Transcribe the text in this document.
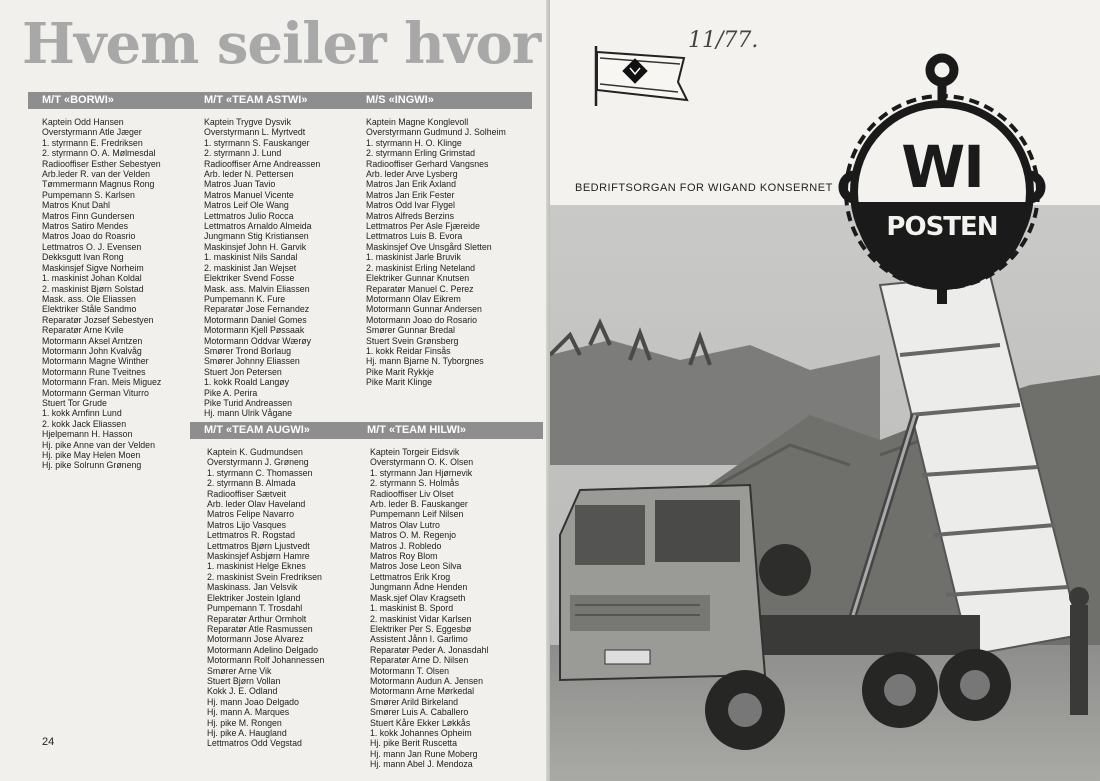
Hvem seiler hvor
M/T «BORWI»
Kaptein Odd Hansen
Overstyrmann Atle Jæger
1. styrmann E. Fredriksen
2. styrmann O. A. Mølmesdal
Radiooffiser Esther Sebestyen
Arb.leder R. van der Velden
Tømmermann Magnus Rong
Pumpemann S. Karlsen
Matros Knut Dahl
Matros Finn Gundersen
Matros Satiro Mendes
Matros Joao do Roasrio
Lettmatros O. J. Evensen
Dekksgutt Ivan Rong
Maskinsjef Sigve Norheim
1. maskinist Johan Koldal
2. maskinist Bjørn Solstad
Mask. ass. Ole Eliassen
Elektriker Ståle Sandmo
Reparatør Jozsef Sebestyen
Reparatør Arne Kvile
Motormann Aksel Arntzen
Motormann John Kvalvåg
Motormann Magne Winther
Motormann Rune Tveitnes
Motormann Fran. Meis Miguez
Motormann German Viturro
Stuert Tor Grude
1. kokk Arnfinn Lund
2. kokk Jack Eliassen
Hjelpemann H. Hasson
Hj. pike Anne van der Velden
Hj. pike May Helen Moen
Hj. pike Solrunn Grøneng
M/T «TEAM ASTWI»
Kaptein Trygve Dysvik
Overstyrmann L. Myrtvedt
1. styrmann S. Fauskanger
2. styrmann J. Lund
Radiooffiser Arne Andreassen
Arb. leder N. Pettersen
Matros Juan Tavio
Matros Manuel Vicente
Matros Leif Ole Wang
Lettmatros Julio Rocca
Lettmatros Arnaldo Almeida
Jungmann Stig Kristiansen
Maskinsjef John H. Garvik
1. maskinist Nils Sandal
2. maskinist Jan Wejset
Elektriker Svend Fosse
Mask. ass. Malvin Eliassen
Pumpemann K. Fure
Reparatør Jose Fernandez
Motormann Daniel Gomes
Motormann Kjell Pøssaak
Motormann Oddvar Wærøy
Smører Trond Borlaug
Smører Johnny Eliassen
Stuert Jon Petersen
1. kokk Roald Langøy
Pike A. Perira
Pike Turid Andreassen
Hj. mann Ulrik Vågane
M/T «TEAM AUGWI»
Kaptein K. Gudmundsen
Overstyrmann J. Grøneng
1. styrmann C. Thomassen
2. styrmann B. Almada
Radiooffiser Sætveit
Arb. leder Olav Haveland
Matros Felipe Navarro
Matros Lijo Vasques
Lettmatros R. Rogstad
Lettmatros Bjørn Ljustvedt
Maskinsjef Asbjørn Hamre
1. maskinist Helge Eknes
2. maskinist Svein Fredriksen
Maskinass. Jan Velsvik
Elektriker Jostein Igland
Pumpemann T. Trosdahl
Reparatør Arthur Ormholt
Reparatør Atle Rasmussen
Motormann Jose Alvarez
Motormann Adelino Delgado
Motormann Rolf Johannessen
Smører Arne Vik
Stuert Bjørn Vollan
Kokk J. E. Odland
Hj. mann Joao Delgado
Hj. mann A. Marques
Hj. pike M. Rongen
Hj. pike A. Haugland
Lettmatros Odd Vegstad
24
11/77.
BEDRIFTSORGAN FOR WIGAND KONSERNET
M/T «TEAM HILWI»
Kaptein Torgeir Eidsvik
Overstyrmann O. K. Olsen
1. styrmann Jan Hjørnevik
2. styrmann S. Holmås
Radiooffiser Liv Olset
Arb. leder B. Fauskanger
Pumpemann Leif Nilsen
Matros Olav Lutro
Matros O. M. Regenjo
Matros J. Robledo
Matros Roy Blom
Matros Jose Leon Silva
Lettmatros Erik Krog
Jungmann Ådne Henden
Mask.sjef Olav Kragseth
1. maskinist B. Spord
2. maskinist Vidar Karlsen
Elektriker Per S. Eggesbø
Assistent Jånn I. Garlimo
Reparatør Peder A. Jonasdahl
Reparatør Arne D. Nilsen
Motormann T. Olsen
Motormann Audun A. Jensen
Motormann Arne Mørkedal
Smører Arild Birkeland
Smører Luis A. Caballero
Stuert Kåre Ekker Løkkås
1. kokk Johannes Opheim
Hj. pike Berit Ruscetta
Hj. mann Jan Rune Moberg
Hj. mann Abel J. Mendoza
M/S «INGWI»
Kaptein Magne Konglevoll
Overstyrmann Gudmund J. Solheim
1. styrmann H. O. Klinge
2. styrmann Erling Grimstad
Radiooffiser Gerhard Vangsnes
Arb. leder Arve Lysberg
Matros Jan Erik Axland
Matros Jan Erik Fester
Matros Odd Ivar Flygel
Matros Alfreds Berzins
Lettmatros Per Asle Fjæreide
Lettmatros Luis B. Evora
Maskinsjef Ove Unsgård Sletten
1. maskinist Jarle Bruvik
2. maskinist Erling Neteland
Elektriker Gunnar Knutsen
Reparatør Manuel C. Perez
Motormann Olav Eikrem
Motormann Gunnar Andersen
Motormann Joao do Rosario
Smører Gunnar Bredal
Stuert Svein Grønsberg
1. kokk Reidar Finsås
Hj. mann Bjarne N. Tyborgnes
Pike Marit Rykkje
Pike Marit Klinge
WI
POSTEN
